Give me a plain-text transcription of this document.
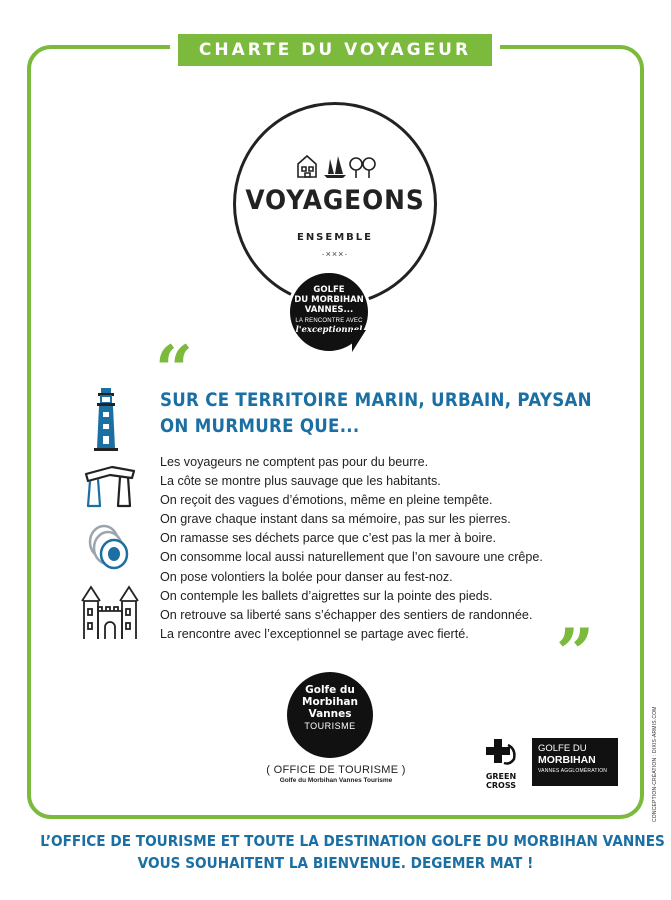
CHARTE DU VOYAGEUR
VOYAGEONS
ENSEMBLE
·×××·
GOLFE
DU MORBIHAN
VANNES...
LA RENCONTRE AVEC
l'exceptionnel
“
SUR CE TERRITOIRE MARIN, URBAIN, PAYSAN
ON MURMURE QUE...
Les voyageurs ne comptent pas pour du beurre.
La côte se montre plus sauvage que les habitants.
On reçoit des vagues d’émotions, même en pleine tempête.
On grave chaque instant dans sa mémoire, pas sur les pierres.
On ramasse ses déchets parce que c’est pas la mer à boire.
On consomme local aussi naturellement que l’on savoure une crêpe.
On pose volontiers la bolée pour danser au fest-noz.
On contemple les ballets d’aigrettes sur la pointe des pieds.
On retrouve sa liberté sans s’échapper des sentiers de randonnée.
La rencontre avec l’exceptionnel se partage avec fierté.	”
Golfe du
Morbihan
Vannes
TOURISME
( OFFICE DE TOURISME )
Golfe du Morbihan Vannes Tourisme	GREEN
CROSS
GOLFE DU
MORBIHAN
VANNES AGGLOMÉRATION	CONCEPTION-CRÉATION : DIXIS-ARMIS.COM
L’OFFICE DE TOURISME ET TOUTE LA DESTINATION GOLFE DU MORBIHAN VANNES
VOUS SOUHAITENT LA BIENVENUE. DEGEMER MAT !
